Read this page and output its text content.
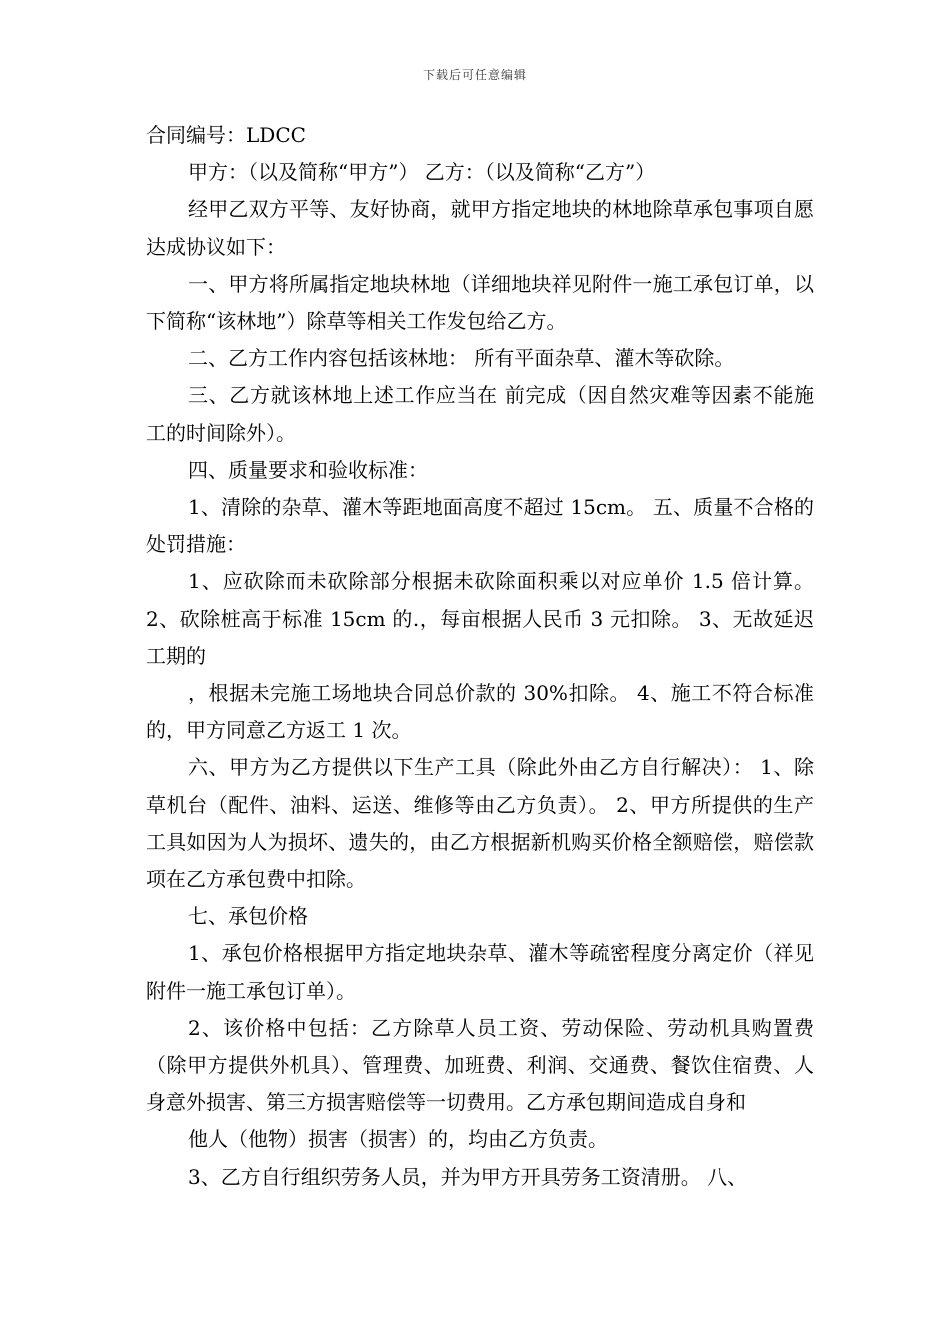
下载后可任意编辑

合同编号：LDCC

甲方：（以及简称“甲方”） 乙方：（以及简称“乙方”）

经甲乙双方平等、友好协商，就甲方指定地块的林地除草承包事项自愿达成协议如下：

一、甲方将所属指定地块林地（详细地块祥见附件一施工承包订单，以下简称“该林地”）除草等相关工作发包给乙方。

二、乙方工作内容包括该林地： 所有平面杂草、灌木等砍除。

三、乙方就该林地上述工作应当在 前完成（因自然灾难等因素不能施工的时间除外）。

四、质量要求和验收标准：

1、清除的杂草、灌木等距地面高度不超过 15cm。 五、质量不合格的处罚措施：

1、应砍除而未砍除部分根据未砍除面积乘以对应单价 1.5 倍计算。 2、砍除桩高于标准 15cm 的.，每亩根据人民币 3 元扣除。 3、无故延迟工期的

，根据未完施工场地块合同总价款的 30%扣除。 4、施工不符合标准的，甲方同意乙方返工 1 次。

六、甲方为乙方提供以下生产工具（除此外由乙方自行解决）： 1、除草机台（配件、油料、运送、维修等由乙方负责）。 2、甲方所提供的生产工具如因为人为损坏、遗失的，由乙方根据新机购买价格全额赔偿，赔偿款项在乙方承包费中扣除。

七、承包价格

1、承包价格根据甲方指定地块杂草、灌木等疏密程度分离定价（祥见附件一施工承包订单）。

2、该价格中包括：乙方除草人员工资、劳动保险、劳动机具购置费（除甲方提供外机具）、管理费、加班费、利润、交通费、餐饮住宿费、人身意外损害、第三方损害赔偿等一切费用。乙方承包期间造成自身和

他人（他物）损害（损害）的，均由乙方负责。

3、乙方自行组织劳务人员，并为甲方开具劳务工资清册。 八、
